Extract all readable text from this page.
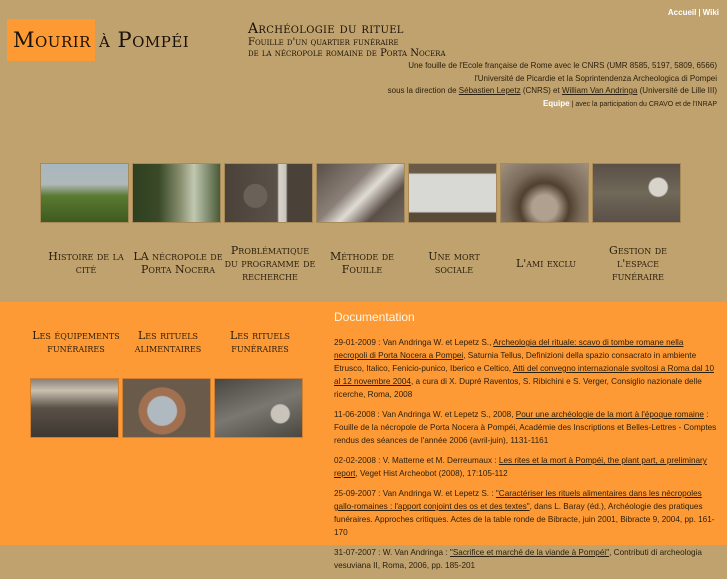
Accueil | Wiki
Mourir à Pompéi	Archéologie du rituel
Fouille d'un quartier funéraire
de la nécropole romaine de Porta Nocera
Une fouille de l'Ecole française de Rome avec le CNRS (UMR 8585, 5197, 5809, 6566)
l'Université de Picardie et la Soprintendenza Archeologica di Pompei
sous la direction de Sébastien Lepetz (CNRS) et William Van Andringa (Université de Lille III)
Equipe | avec la participation du CRAVO et de l'INRAP
Histoire de la cité
LA nécropole de Porta Nocera
Problématique du programme de recherche
Méthode de Fouille
Une mort sociale	L'ami exclu
Gestion de l'espace funéraire
Les équipements funéraires
Les rituels alimentaires
Les rituels funéraires
Documentation

29-01-2009 : Van Andringa W. et Lepetz S., Archeologia del rituale: scavo di tombe romane nella necropoli di Porta Nocera a Pompei, Saturnia Tellus, Definizioni della spazio consacrato in ambiente Etrusco, Italico, Fenicio-punico, Iberico e Celtico, Atti del convegno internazionale svoltosi a Roma dal 10 al 12 novembre 2004, a cura di X. Dupré Raventos, S. Ribichini e S. Verger, Consiglio nazionale delle ricerche, Roma, 2008

11-06-2008 : Van Andringa W. et Lepetz S., 2008, Pour une archéologie de la mort à l'époque romaine : Fouille de la nécropole de Porta Nocera à Pompéi, Académie des Inscriptions et Belles-Lettres - Comptes rendus des séances de l'année 2006 (avril-juin), 1131-1161

02-02-2008 : V. Matterne et M. Derreumaux : Les rites et la mort à Pompéi, the plant part, a preliminary report, Veget Hist Archeobot (2008), 17:105-112

25-09-2007 : Van Andringa W. et Lepetz S. : "Caractériser les rituels alimentaires dans les nécropoles gallo-romaines : l'apport conjoint des os et des textes", dans L. Baray (éd.), Archéologie des pratiques funéraires. Approches critiques. Actes de la table ronde de Bibracte, juin 2001, Bibracte 9, 2004, pp. 161-170

31-07-2007 : W. Van Andringa : "Sacrifice et marché de la viande à Pompéi", Contributi di archeologia vesuviana II, Roma, 2006, pp. 185-201
